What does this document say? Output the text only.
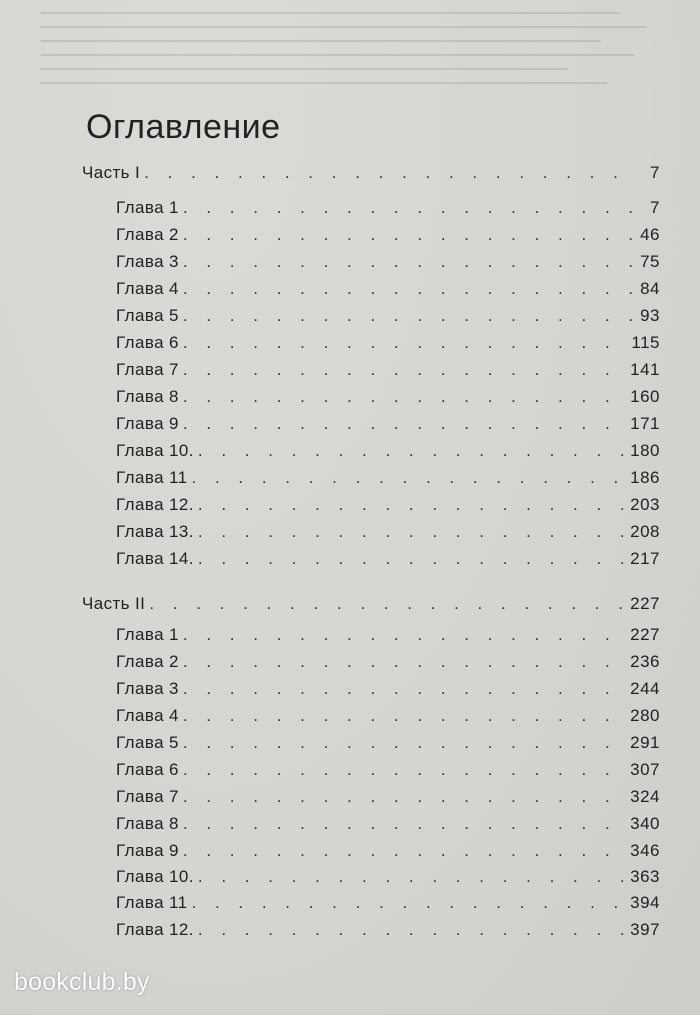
Оглавление
Часть I . . .	7
Глава 1 . . .	7
Глава 2 . . .	46
Глава 3 . . .	75
Глава 4 . . .	84
Глава 5 . . .	93
Глава 6 . . .	115
Глава 7 . . .	141
Глава 8 . . .	160
Глава 9 . . .	171
Глава 10. . . .	180
Глава 11 . . .	186
Глава 12. . . .	203
Глава 13. . . .	208
Глава 14. . . .	217
Часть II . . .	227
Глава 1 . . .	227
Глава 2 . . .	236
Глава 3 . . .	244
Глава 4 . . .	280
Глава 5 . . .	291
Глава 6 . . .	307
Глава 7 . . .	324
Глава 8 . . .	340
Глава 9 . . .	346
Глава 10. . . .	363
Глава 11 . . .	394
Глава 12. . . .	397
bookclub.by
